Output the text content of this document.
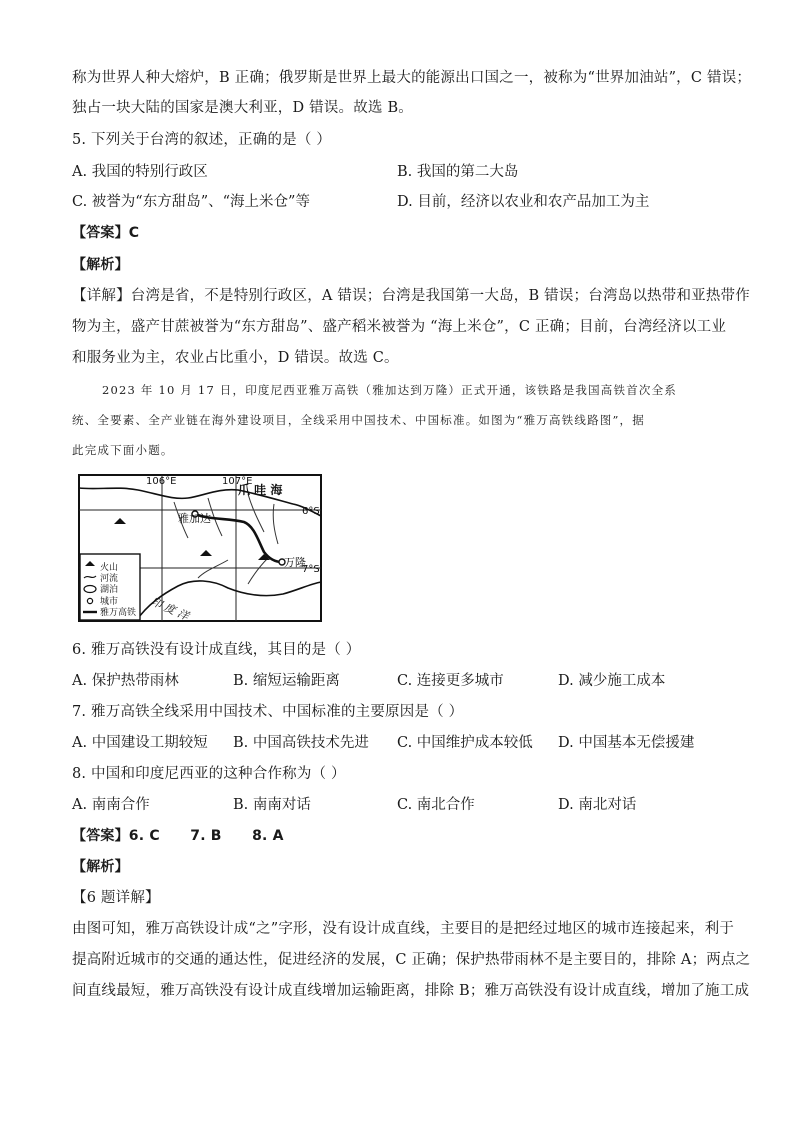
称为世界人种大熔炉，B 正确；俄罗斯是世界上最大的能源出口国之一，被称为“世界加油站”，C 错误；
独占一块大陆的国家是澳大利亚，D 错误。故选 B。
5. 下列关于台湾的叙述，正确的是（ ）
A. 我国的特别行政区	B. 我国的第二大岛
C. 被誉为“东方甜岛”、“海上米仓”等	D. 目前，经济以农业和农产品加工为主
【答案】C
【解析】
【详解】台湾是省，不是特别行政区，A 错误；台湾是我国第一大岛，B 错误；台湾岛以热带和亚热带作
物为主，盛产甘蔗被誉为“东方甜岛”、盛产稻米被誉为 “海上米仓”，C 正确；目前，台湾经济以工业
和服务业为主，农业占比重小，D 错误。故选 C。
2023 年 10 月 17 日，印度尼西亚雅万高铁（雅加达到万隆）正式开通，该铁路是我国高铁首次全系
统、全要素、全产业链在海外建设项目，全线采用中国技术、中国标准。如图为“雅万高铁线路图”，据
此完成下面小题。
106°E	107°E
爪 哇 海
6°S
7°S
雅加达
万隆
印 度 洋
火山
河流
湖泊
城市
雅万高铁
6. 雅万高铁没有设计成直线，其目的是（ ）
A. 保护热带雨林	B. 缩短运输距离	C. 连接更多城市	D. 减少施工成本
7. 雅万高铁全线采用中国技术、中国标准的主要原因是（ ）
A. 中国建设工期较短 B. 中国高铁技术先进 C. 中国维护成本较低 D. 中国基本无偿援建
8. 中国和印度尼西亚的这种合作称为（ ）
A. 南南合作	B. 南南对话	C. 南北合作	D. 南北对话
【答案】6. C      7. B      8. A
【解析】
【6 题详解】
由图可知，雅万高铁设计成“之”字形，没有设计成直线，主要目的是把经过地区的城市连接起来，利于
提高附近城市的交通的通达性，促进经济的发展，C 正确；保护热带雨林不是主要目的，排除 A；两点之
间直线最短，雅万高铁没有设计成直线增加运输距离，排除 B；雅万高铁没有设计成直线，增加了施工成
